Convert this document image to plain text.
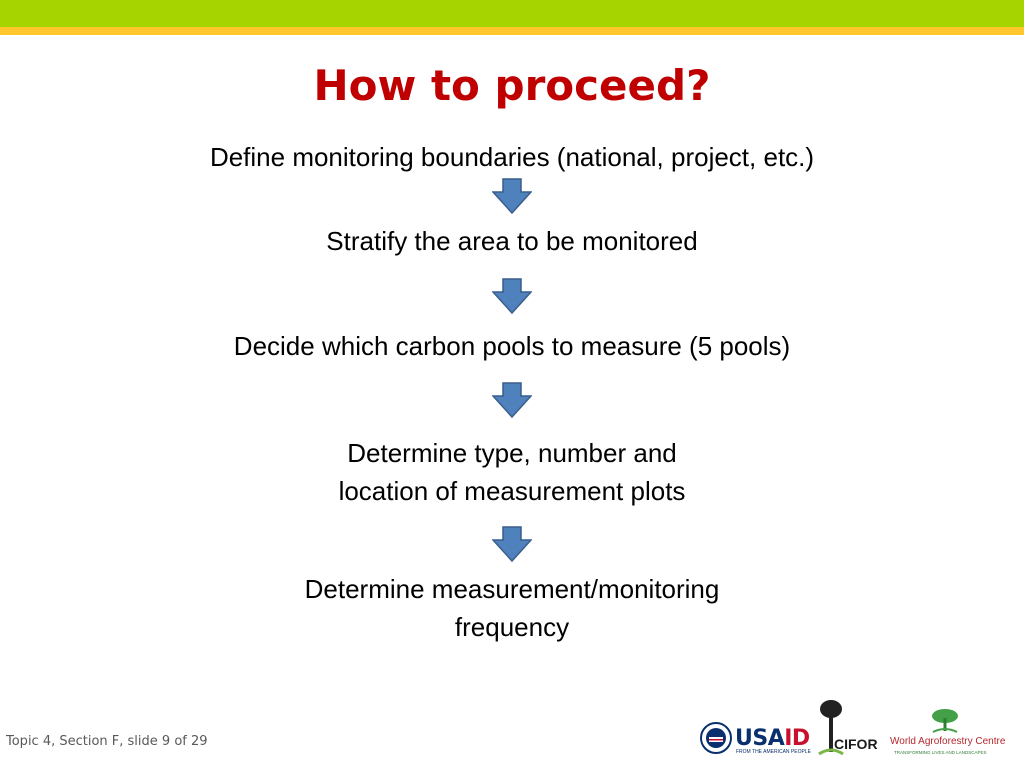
How to proceed?
Define monitoring boundaries (national, project, etc.)
Stratify the area to be monitored
Decide which carbon pools to measure (5 pools)
Determine type, number and
location of measurement plots
Determine measurement/monitoring
frequency
Topic 4, Section F, slide 9 of 29	USAID
FROM THE AMERICAN PEOPLE CIFOR World Agroforestry Centre
TRANSFORMING LIVES AND LANDSCAPES
